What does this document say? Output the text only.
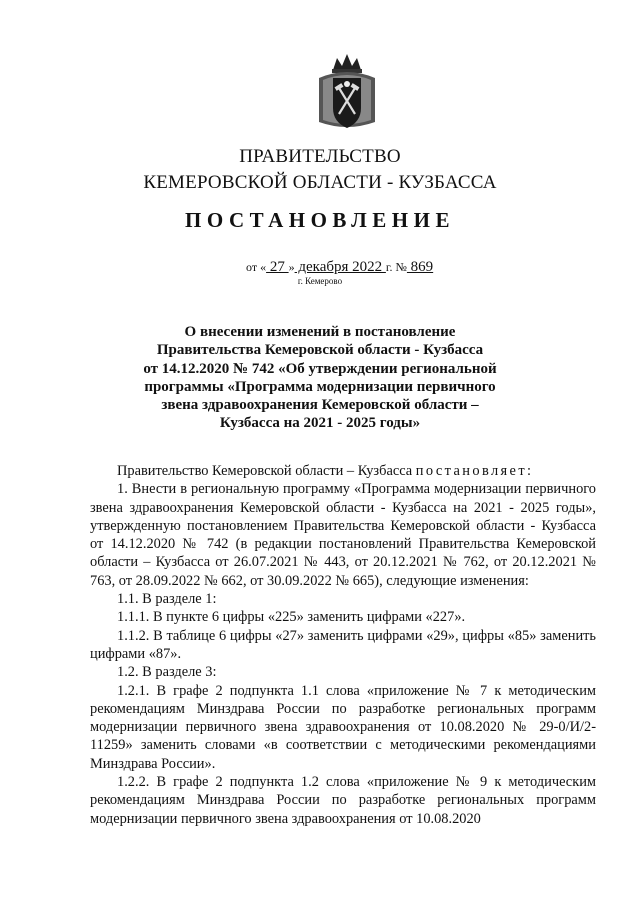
ПРАВИТЕЛЬСТВО
КЕМЕРОВСКОЙ ОБЛАСТИ - КУЗБАССА
ПОСТАНОВЛЕНИЕ
от « 27 » декабря 2022 г. № 869
г. Кемерово
О внесении изменений в постановление
Правительства Кемеровской области - Кузбасса
от 14.12.2020 № 742 «Об утверждении региональной
программы «Программа модернизации первичного
звена здравоохранения Кемеровской области –
Кузбасса на 2021 - 2025 годы»

Правительство Кемеровской области – Кузбасса постановляет:

1. Внести в региональную программу «Программа модернизации первичного звена здравоохранения Кемеровской области - Кузбасса на 2021 - 2025 годы», утвержденную постановлением Правительства Кемеровской области - Кузбасса от 14.12.2020 № 742 (в редакции постановлений Правительства Кемеровской области – Кузбасса от 26.07.2021 № 443, от 20.12.2021 № 762, от 20.12.2021 № 763, от 28.09.2022 № 662, от 30.09.2022 № 665), следующие изменения:

1.1. В разделе 1:

1.1.1. В пункте 6 цифры «225» заменить цифрами «227».

1.1.2. В таблице 6 цифры «27» заменить цифрами «29», цифры «85» заменить цифрами «87».

1.2. В разделе 3:

1.2.1. В графе 2 подпункта 1.1 слова «приложение № 7 к методическим рекомендациям Минздрава России по разработке региональных программ модернизации первичного звена здравоохранения от 10.08.2020 № 29-0/И/2-11259» заменить словами «в соответствии с методическими рекомендациями Минздрава России».

1.2.2. В графе 2 подпункта 1.2 слова «приложение № 9 к методическим рекомендациям Минздрава России по разработке региональных программ модернизации первичного звена здравоохранения от 10.08.2020
